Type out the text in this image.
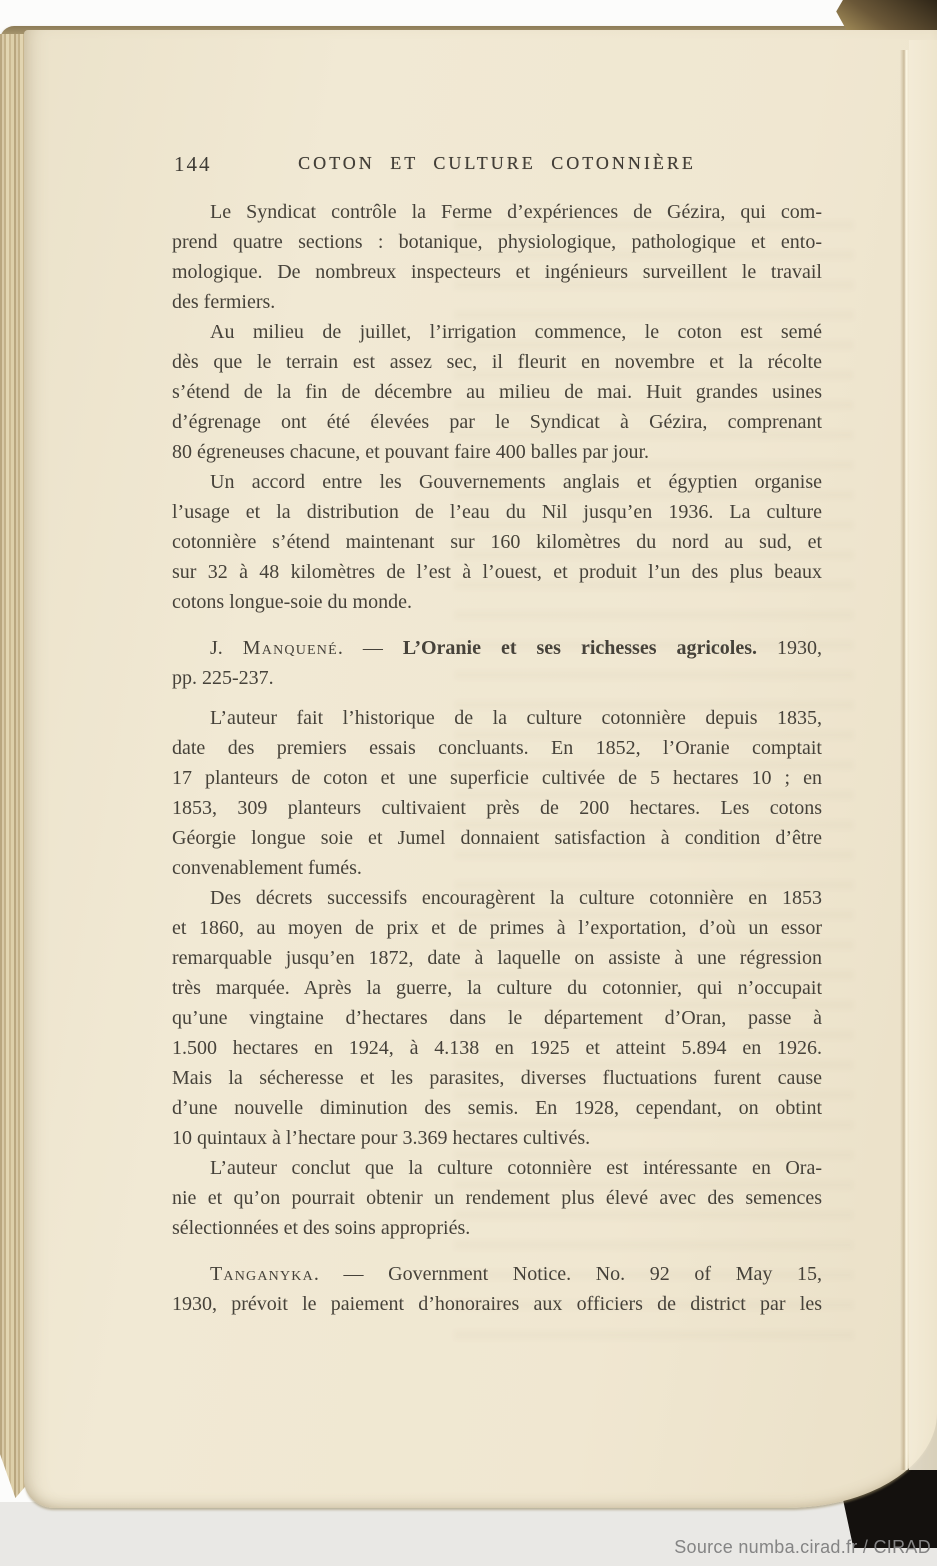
144	COTON ET CULTURE COTONNIÈRE
Le Syndicat contrôle la Ferme d’expériences de Gézira, qui com-
prend quatre sections : botanique, physiologique, pathologique et ento-
mologique. De nombreux inspecteurs et ingénieurs surveillent le travail
des fermiers.
Au milieu de juillet, l’irrigation commence, le coton est semé
dès que le terrain est assez sec, il fleurit en novembre et la récolte
s’étend de la fin de décembre au milieu de mai. Huit grandes usines
d’égrenage ont été élevées par le Syndicat à Gézira, comprenant
80 égreneuses chacune, et pouvant faire 400 balles par jour.
Un accord entre les Gouvernements anglais et égyptien organise
l’usage et la distribution de l’eau du Nil jusqu’en 1936. La culture
cotonnière s’étend maintenant sur 160 kilomètres du nord au sud, et
sur 32 à 48 kilomètres de l’est à l’ouest, et produit l’un des plus beaux
cotons longue-soie du monde.
J. Manquené. — L’Oranie et ses richesses agricoles. 1930,
pp. 225-237.
L’auteur fait l’historique de la culture cotonnière depuis 1835,
date des premiers essais concluants. En 1852, l’Oranie comptait
17 planteurs de coton et une superficie cultivée de 5 hectares 10 ; en
1853, 309 planteurs cultivaient près de 200 hectares. Les cotons
Géorgie longue soie et Jumel donnaient satisfaction à condition d’être
convenablement fumés.
Des décrets successifs encouragèrent la culture cotonnière en 1853
et 1860, au moyen de prix et de primes à l’exportation, d’où un essor
remarquable jusqu’en 1872, date à laquelle on assiste à une régression
très marquée. Après la guerre, la culture du cotonnier, qui n’occupait
qu’une vingtaine d’hectares dans le département d’Oran, passe à
1.500 hectares en 1924, à 4.138 en 1925 et atteint 5.894 en 1926.
Mais la sécheresse et les parasites, diverses fluctuations furent cause
d’une nouvelle diminution des semis. En 1928, cependant, on obtint
10 quintaux à l’hectare pour 3.369 hectares cultivés.
L’auteur conclut que la culture cotonnière est intéressante en Ora-
nie et qu’on pourrait obtenir un rendement plus élevé avec des semences
sélectionnées et des soins appropriés.
Tanganyka. — Government Notice. No. 92 of May 15,
1930, prévoit le paiement d’honoraires aux officiers de district par les
Source numba.cirad.fr / CIRAD
